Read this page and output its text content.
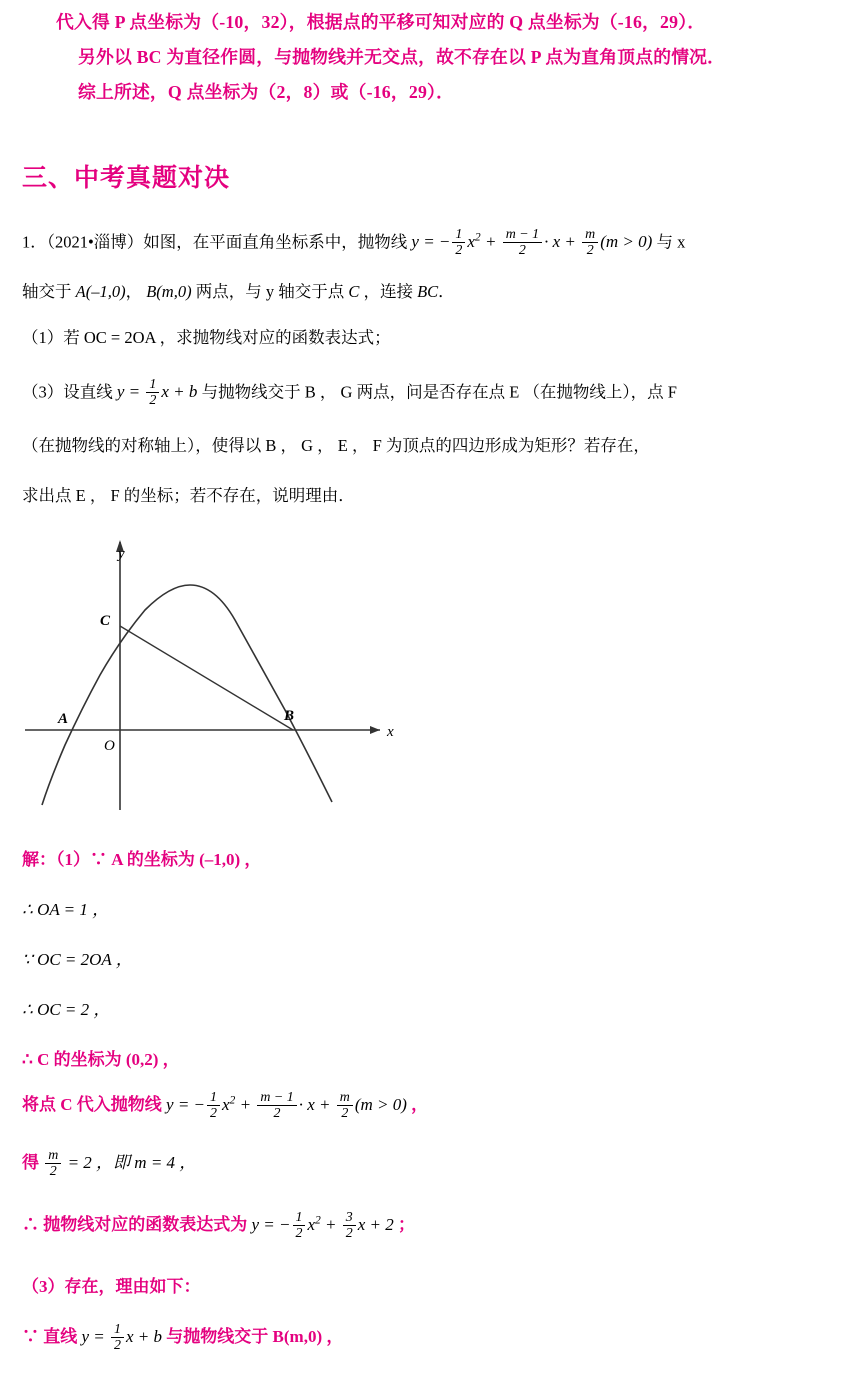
代入得 P 点坐标为（-10，32），根据点的平移可知对应的 Q 点坐标为（-16，29）．
另外以 BC 为直径作圆，与抛物线并无交点，故不存在以 P 点为直角顶点的情况．
综上所述，Q 点坐标为（2，8）或（-16，29）．
三、中考真题对决
1．（2021•淄博）如图，在平面直角坐标系中，抛物线 y = − $\frac{1}{2} x^2 + \frac{m - 1}{2} \cdot x + \frac{m}{2} (m > 0)$ 与 x
轴交于 A(–1,0)， B(m,0) 两点，与 y 轴交于点 C ，连接 BC．
（1）若 OC = 2OA ，求抛物线对应的函数表达式；
（3）设直线 $y = \frac{1}{2}$ x + b 与抛物线交于 B ， G 两点，问是否存在点 E （在抛物线上），点 F
（在抛物线的对称轴上），使得以 B ， G ， E ， F 为顶点的四边形成为矩形？若存在，
求出点 E ， F 的坐标；若不存在，说明理由．
y
x
O
A	B
C
解：（1）∵ A 的坐标为 (–1,0) ，
∴ OA = 1 ，
∵ OC = 2OA ，
∴ OC = 2 ，
∴ C 的坐标为 (0,2) ，
将点 C 代入抛物线 y = − $\frac{1}{2} x^2 + \frac{m - 1}{2} \cdot x + \frac{m}{2} (m > 0)$ ，
得 $\frac{m}{2} = 2$ ，即 m = 4 ，
∴ 抛物线对应的函数表达式为 y = − $\frac{1}{2} x^2 + \frac{3}{2}$ x + 2 ；
（3）存在，理由如下：
∵ 直线 $y = \frac{1}{2}$ x + b 与抛物线交于 B(m,0) ，
